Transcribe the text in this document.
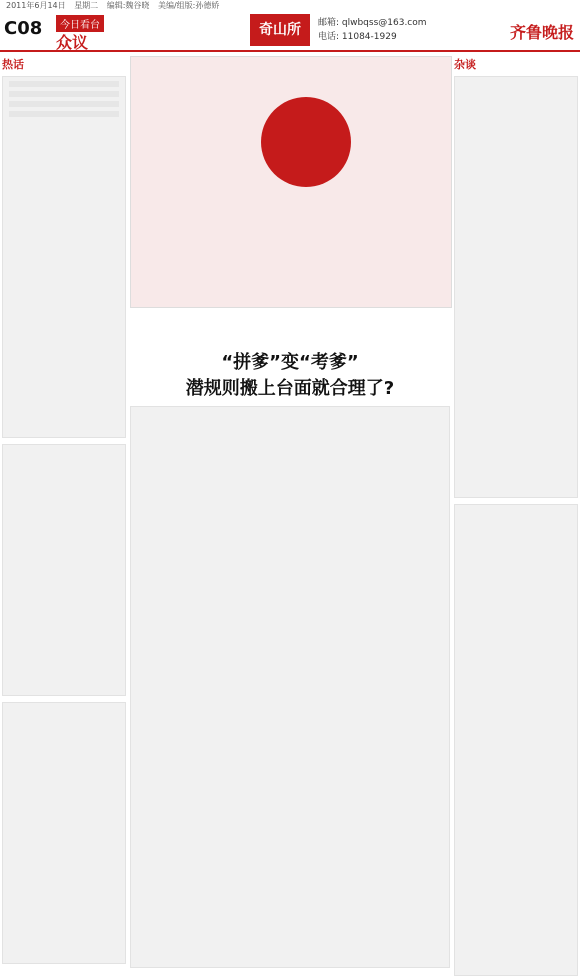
2011年6月14日 星期二 编辑:魏谷晓 美编/组版:孙德娇
C08	今日看台
众议
奇山所	邮箱: qlwbqss@163.com
电话: 11084-1929	齐鲁晚报
热话
“拼爹”变“考爹”
潜规则搬上台面就合理了?
杂谈
